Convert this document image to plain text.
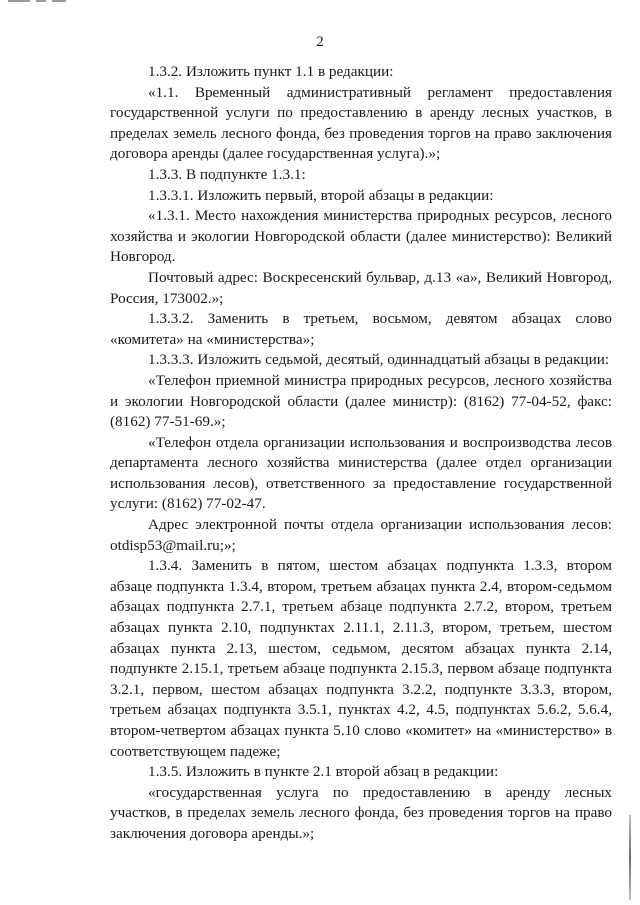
2

1.3.2. Изложить пункт 1.1 в редакции:

«1.1. Временный административный регламент предоставления государственной услуги по предоставлению в аренду лесных участков, в пределах земель лесного фонда, без проведения торгов на право заключения договора аренды (далее государственная услуга).»;

1.3.3. В подпункте 1.3.1:

1.3.3.1. Изложить первый, второй абзацы в редакции:

«1.3.1. Место нахождения министерства природных ресурсов, лесного хозяйства и экологии Новгородской области (далее министерство): Великий Новгород.

Почтовый адрес: Воскресенский бульвар, д.13 «а», Великий Новгород, Россия, 173002.»;

1.3.3.2. Заменить в третьем, восьмом, девятом абзацах слово «комитета» на «министерства»;

1.3.3.3. Изложить седьмой, десятый, одиннадцатый абзацы в редакции:

«Телефон приемной министра природных ресурсов, лесного хозяйства и экологии Новгородской области (далее министр): (8162) 77-04-52, факс: (8162) 77-51-69.»;

«Телефон отдела организации использования и воспроизводства лесов департамента лесного хозяйства министерства (далее отдел организации использования лесов), ответственного за предоставление государственной услуги: (8162) 77-02-47.

Адрес электронной почты отдела организации использования лесов: otdisp53@mail.ru;»;

1.3.4. Заменить в пятом, шестом абзацах подпункта 1.3.3, втором абзаце подпункта 1.3.4, втором, третьем абзацах пункта 2.4, втором-седьмом абзацах подпункта 2.7.1, третьем абзаце подпункта 2.7.2, втором, третьем абзацах пункта 2.10, подпунктах 2.11.1, 2.11.3, втором, третьем, шестом абзацах пункта 2.13, шестом, седьмом, десятом абзацах пункта 2.14, подпункте 2.15.1, третьем абзаце подпункта 2.15.3, первом абзаце подпункта 3.2.1, первом, шестом абзацах подпункта 3.2.2, подпункте 3.3.3, втором, третьем абзацах подпункта 3.5.1, пунктах 4.2, 4.5, подпунктах 5.6.2, 5.6.4, втором-четвертом абзацах пункта 5.10 слово «комитет» на «министерство» в соответствующем падеже;

1.3.5. Изложить в пункте 2.1 второй абзац в редакции:

«государственная услуга по предоставлению в аренду лесных участков, в пределах земель лесного фонда, без проведения торгов на право заключения договора аренды.»;
